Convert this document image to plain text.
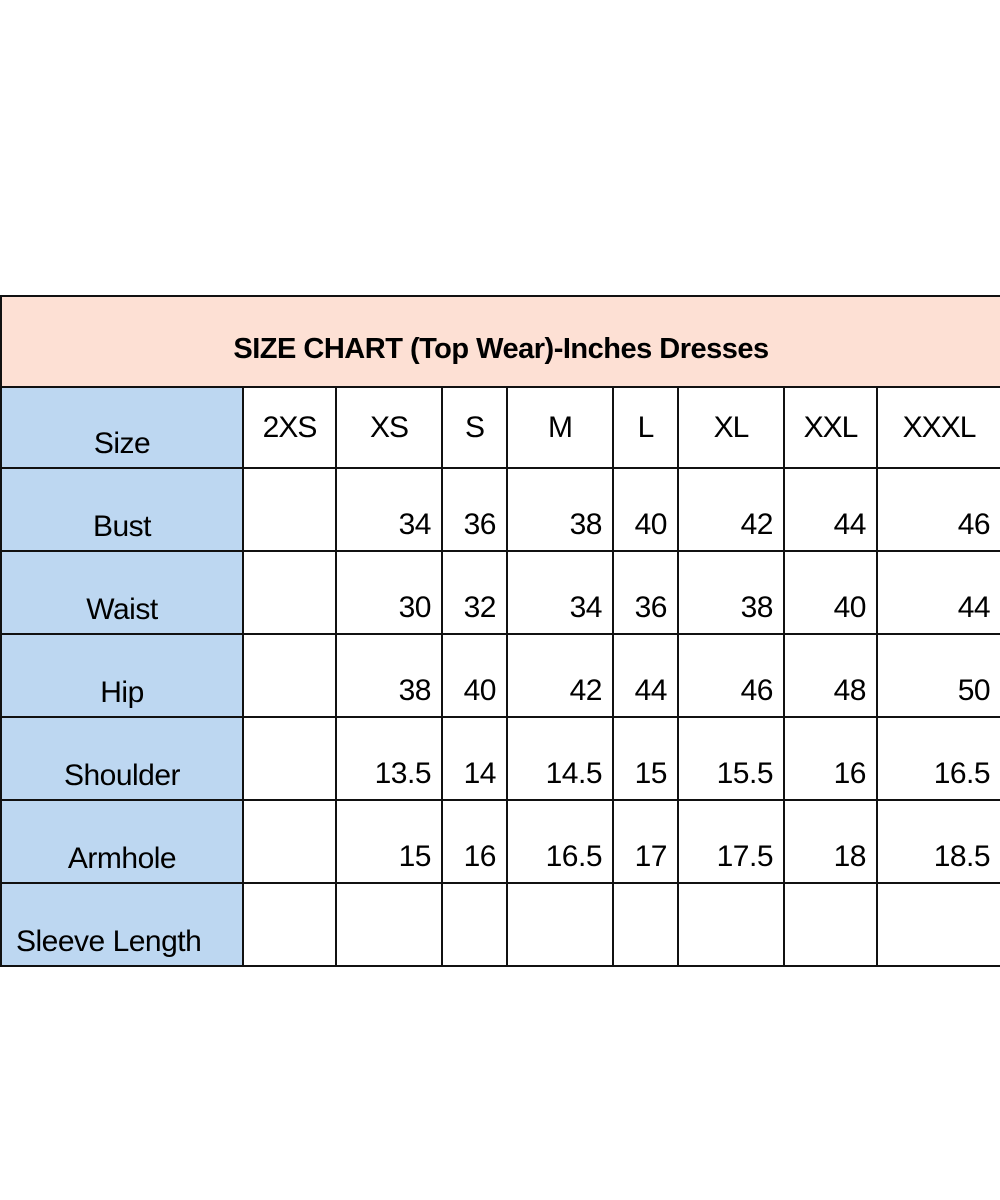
SIZE CHART (Top Wear)-Inches Dresses								
Size	2XS	XS	S	M	L	XL	XXL	XXXL
Bust		34	36	38	40	42	44	46
Waist		30	32	34	36	38	40	44
Hip		38	40	42	44	46	48	50
Shoulder		13.5	14	14.5	15	15.5	16	16.5
Armhole		15	16	16.5	17	17.5	18	18.5
Sleeve Length								
